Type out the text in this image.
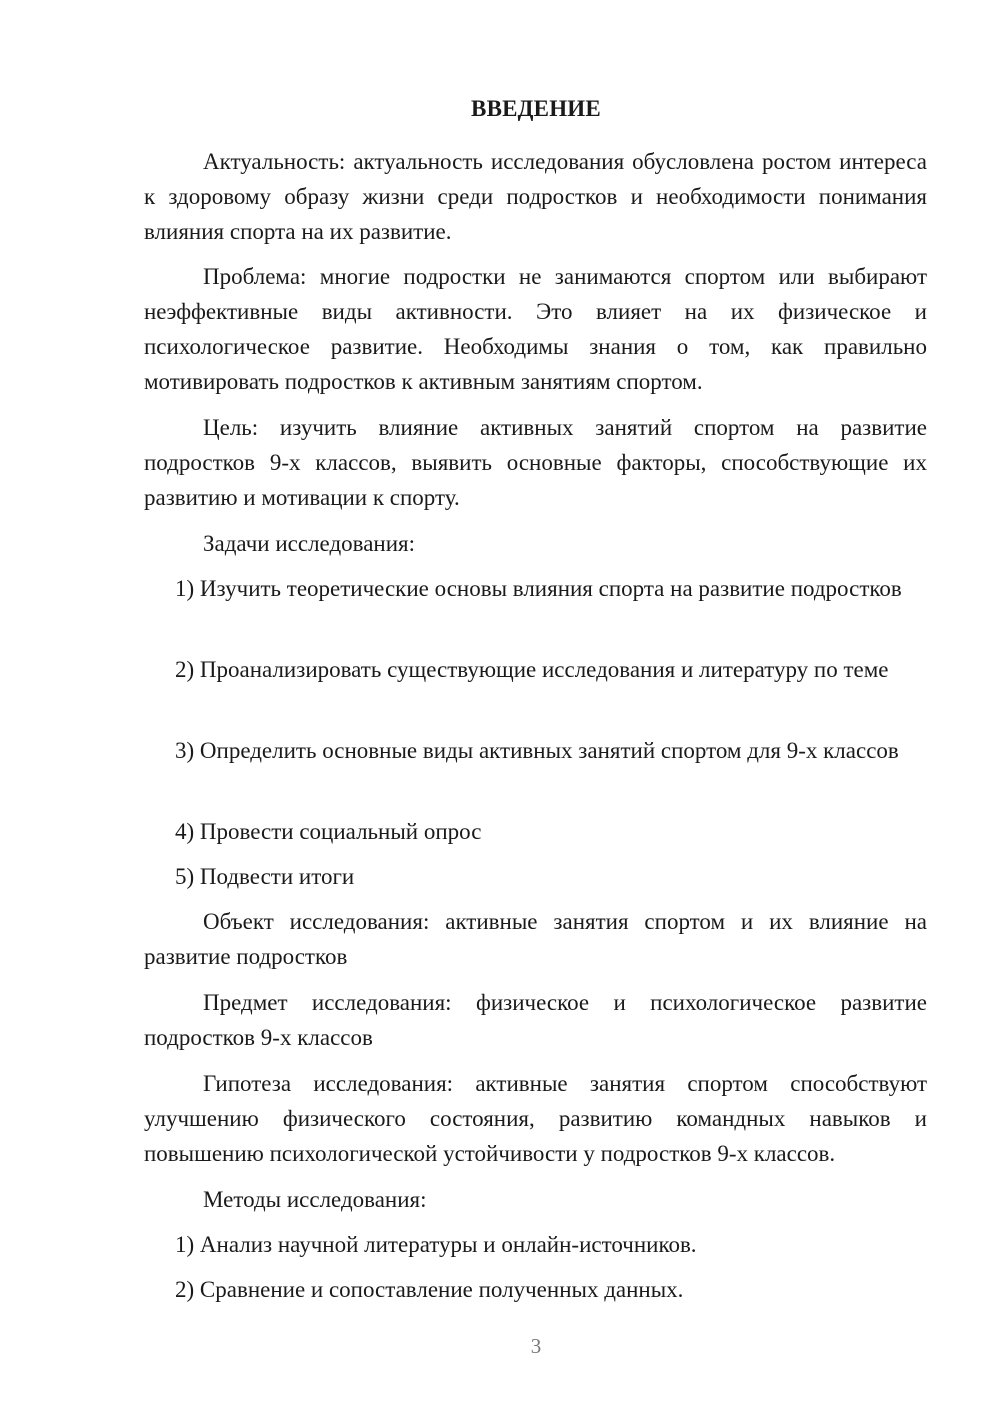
ВВЕДЕНИЕ
Актуальность: актуальность исследования обусловлена ростом интереса к здоровому образу жизни среди подростков и необходимости понимания влияния спорта на их развитие.
Проблема: многие подростки не занимаются спортом или выбирают неэффективные виды активности. Это влияет на их физическое и психологическое развитие. Необходимы знания о том, как правильно мотивировать подростков к активным занятиям спортом.
Цель: изучить влияние активных занятий спортом на развитие подростков 9-х классов, выявить основные факторы, способствующие их развитию и мотивации к спорту.
Задачи исследования:
1) Изучить теоретические основы влияния спорта на развитие подростков
2) Проанализировать существующие исследования и литературу по теме
3) Определить основные виды активных занятий спортом для 9-х классов
4) Провести социальный опрос
5) Подвести итоги
Объект исследования: активные занятия спортом и их влияние на развитие подростков
Предмет исследования: физическое и психологическое развитие подростков 9-х классов
Гипотеза исследования: активные занятия спортом способствуют улучшению физического состояния, развитию командных навыков и повышению психологической устойчивости у подростков 9-х классов.
Методы исследования:
1) Анализ научной литературы и онлайн-источников.
2) Сравнение и сопоставление полученных данных.
3
